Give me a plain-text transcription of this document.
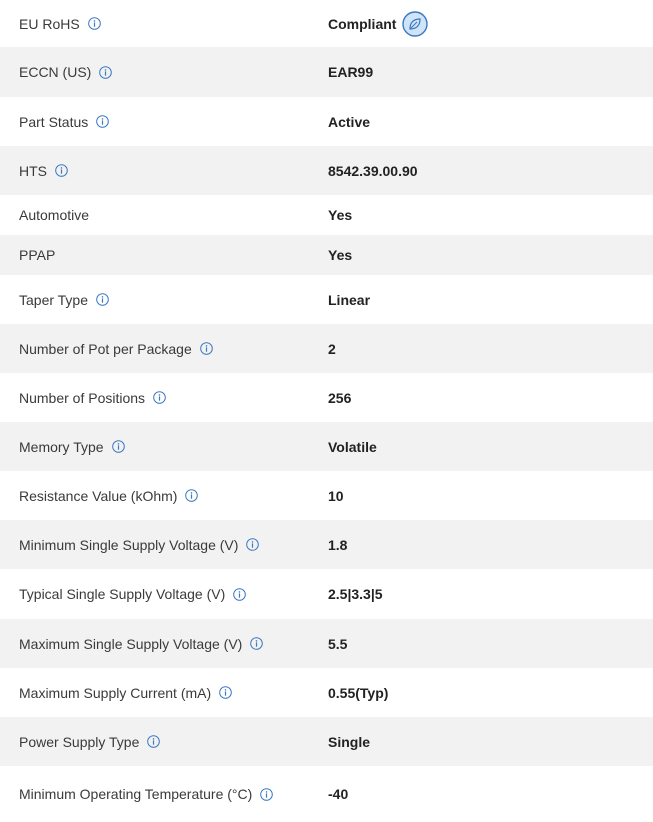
EU RoHS	Compliant
ECCN (US)	EAR99
Part Status	Active
HTS	8542.39.00.90
Automotive	Yes
PPAP	Yes
Taper Type	Linear
Number of Pot per Package	2
Number of Positions	256
Memory Type	Volatile
Resistance Value (kOhm)	10
Minimum Single Supply Voltage (V)	1.8
Typical Single Supply Voltage (V)	2.5|3.3|5
Maximum Single Supply Voltage (V)	5.5
Maximum Supply Current (mA)	0.55(Typ)
Power Supply Type	Single
Minimum Operating Temperature (°C)	-40
